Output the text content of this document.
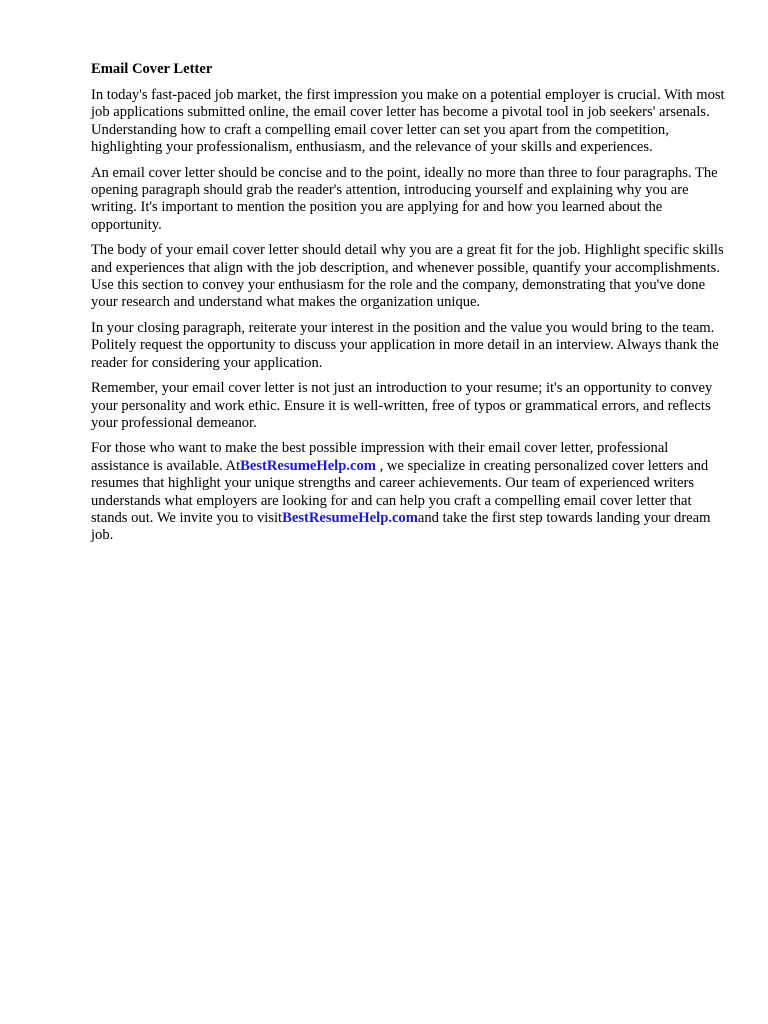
Email Cover Letter

In today's fast-paced job market, the first impression you make on a potential employer is crucial. With most job applications submitted online, the email cover letter has become a pivotal tool in job seekers' arsenals. Understanding how to craft a compelling email cover letter can set you apart from the competition, highlighting your professionalism, enthusiasm, and the relevance of your skills and experiences.

An email cover letter should be concise and to the point, ideally no more than three to four paragraphs. The opening paragraph should grab the reader's attention, introducing yourself and explaining why you are writing. It's important to mention the position you are applying for and how you learned about the opportunity.

The body of your email cover letter should detail why you are a great fit for the job. Highlight specific skills and experiences that align with the job description, and whenever possible, quantify your accomplishments. Use this section to convey your enthusiasm for the role and the company, demonstrating that you've done your research and understand what makes the organization unique.

In your closing paragraph, reiterate your interest in the position and the value you would bring to the team. Politely request the opportunity to discuss your application in more detail in an interview. Always thank the reader for considering your application.

Remember, your email cover letter is not just an introduction to your resume; it's an opportunity to convey your personality and work ethic. Ensure it is well-written, free of typos or grammatical errors, and reflects your professional demeanor.

For those who want to make the best possible impression with their email cover letter, professional assistance is available. AtBestResumeHelp.com , we specialize in creating personalized cover letters and resumes that highlight your unique strengths and career achievements. Our team of experienced writers understands what employers are looking for and can help you craft a compelling email cover letter that stands out. We invite you to visitBestResumeHelp.comand take the first step towards landing your dream job.
